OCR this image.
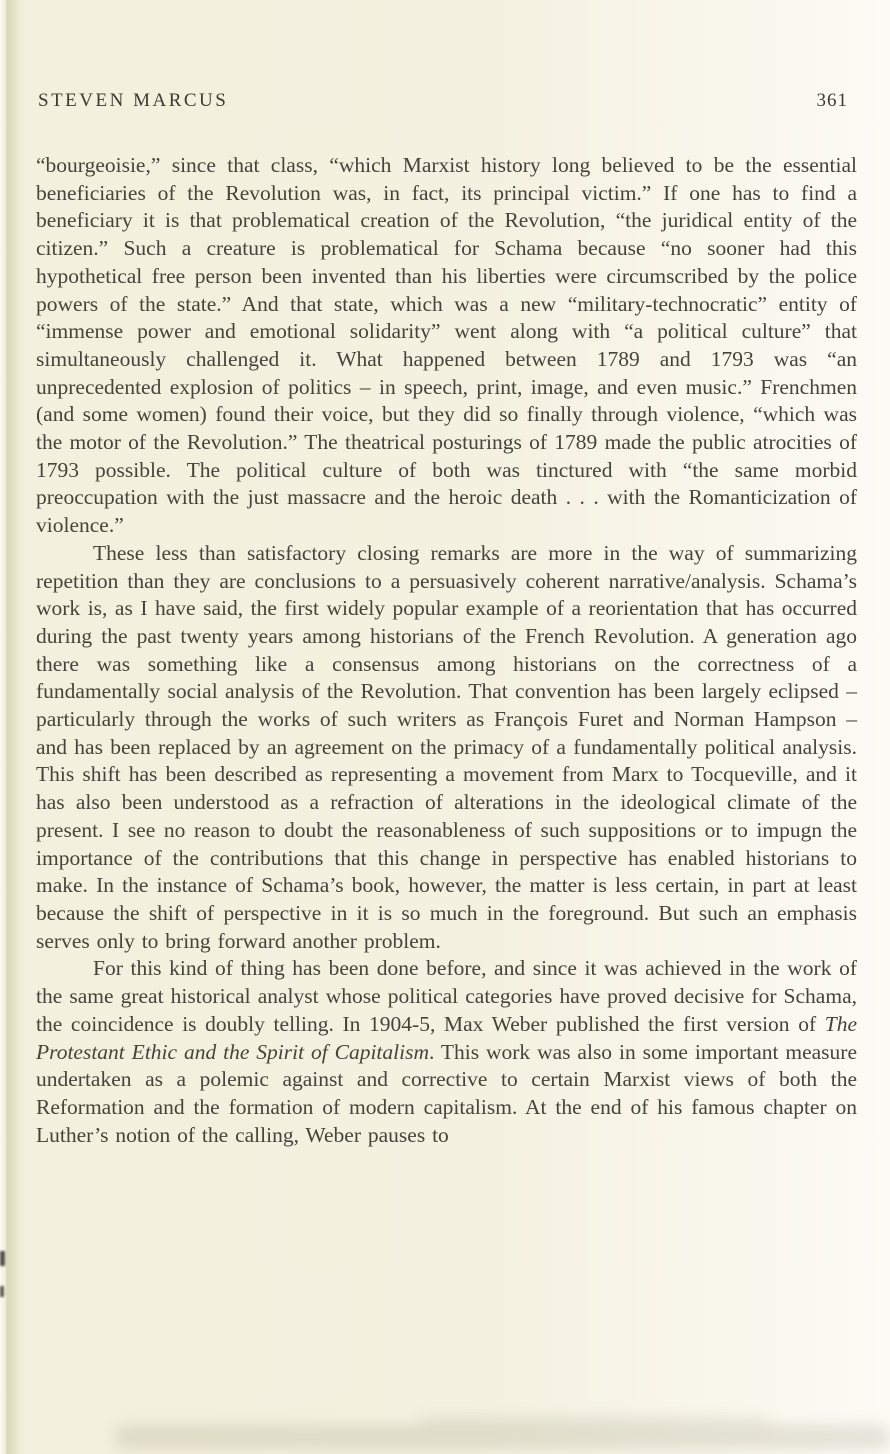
STEVEN MARCUS	361

“bourgeoisie,” since that class, “which Marxist history long believed to be the essential beneficiaries of the Revolution was, in fact, its principal victim.” If one has to find a beneficiary it is that problematical creation of the Revolution, “the juridical entity of the citizen.” Such a creature is problematical for Schama because “no sooner had this hypothetical free person been invented than his liberties were circumscribed by the police powers of the state.” And that state, which was a new “military-technocratic” entity of “immense power and emotional solidarity” went along with “a political culture” that simultaneously challenged it. What happened between 1789 and 1793 was “an unprecedented explosion of politics – in speech, print, image, and even music.” Frenchmen (and some women) found their voice, but they did so finally through violence, “which was the motor of the Revolution.” The theatrical posturings of 1789 made the public atrocities of 1793 possible. The political culture of both was tinctured with “the same morbid preoccupation with the just massacre and the heroic death . . . with the Romanticization of violence.”

These less than satisfactory closing remarks are more in the way of summarizing repetition than they are conclusions to a persuasively coherent narrative/analysis. Schama’s work is, as I have said, the first widely popular example of a reorientation that has occurred during the past twenty years among historians of the French Revolution. A generation ago there was something like a consensus among historians on the correctness of a fundamentally social analysis of the Revolution. That convention has been largely eclipsed – particularly through the works of such writers as François Furet and Norman Hampson – and has been replaced by an agreement on the primacy of a fundamentally political analysis. This shift has been described as representing a movement from Marx to Tocqueville, and it has also been understood as a refraction of alterations in the ideological climate of the present. I see no reason to doubt the reasonableness of such suppositions or to impugn the importance of the contributions that this change in perspective has enabled historians to make. In the instance of Schama’s book, however, the matter is less certain, in part at least because the shift of perspective in it is so much in the foreground. But such an emphasis serves only to bring forward another problem.

For this kind of thing has been done before, and since it was achieved in the work of the same great historical analyst whose political categories have proved decisive for Schama, the coincidence is doubly telling. In 1904-5, Max Weber published the first version of The Protestant Ethic and the Spirit of Capitalism. This work was also in some important measure undertaken as a polemic against and corrective to certain Marxist views of both the Reformation and the formation of modern capitalism. At the end of his famous chapter on Luther’s notion of the calling, Weber pauses to
